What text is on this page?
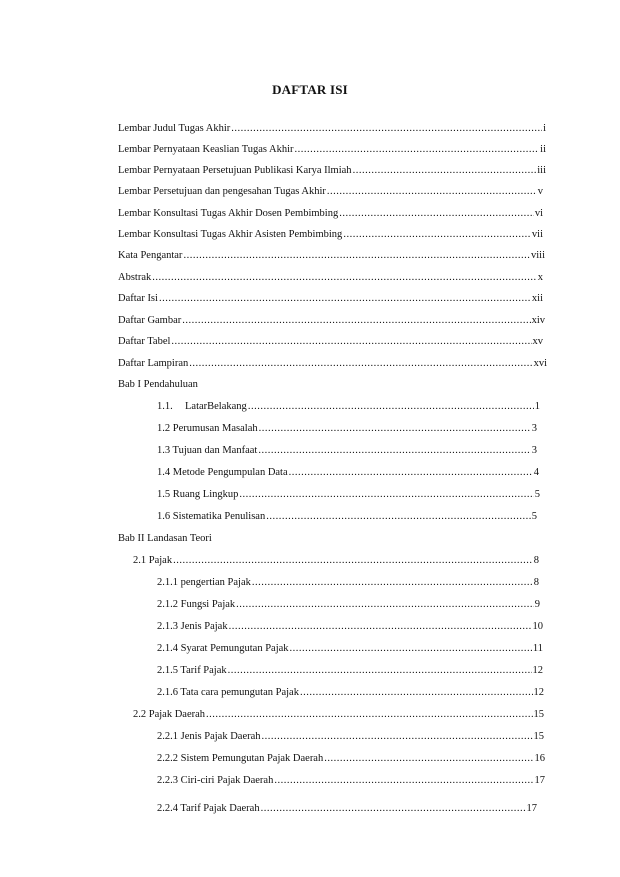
DAFTAR ISI
Lembar Judul Tugas Akhir .....	i
Lembar Pernyataan Keaslian Tugas Akhir .....	ii
Lembar Pernyataan Persetujuan Publikasi Karya Ilmiah .....	iii
Lembar Persetujuan dan pengesahan Tugas Akhir .....	v
Lembar Konsultasi Tugas Akhir Dosen Pembimbing .....	vi
Lembar Konsultasi Tugas Akhir Asisten Pembimbing .....	vii
Kata Pengantar .....	viii
Abstrak .....	x
Daftar Isi .....	xii
Daftar Gambar .....	xiv
Daftar Tabel .....	xv
Daftar Lampiran .....	xvi
Bab I Pendahuluan
1.1.	LatarBelakang .....	1
1.2 Perumusan Masalah .....	3
1.3 Tujuan dan Manfaat .....	3
1.4 Metode Pengumpulan Data .....	4
1.5 Ruang Lingkup .....	5
1.6 Sistematika Penulisan .....	5
Bab II Landasan Teori
2.1 Pajak .....	8
2.1.1 pengertian Pajak .....	8
2.1.2 Fungsi Pajak .....	9
2.1.3 Jenis Pajak .....	10
2.1.4 Syarat Pemungutan Pajak .....	11
2.1.5 Tarif Pajak .....	12
2.1.6 Tata cara pemungutan Pajak .....	12
2.2 Pajak Daerah .....	15
2.2.1 Jenis Pajak Daerah .....	15
2.2.2 Sistem Pemungutan Pajak Daerah .....	16
2.2.3 Ciri-ciri Pajak Daerah .....	17
2.2.4 Tarif Pajak Daerah .....	17
